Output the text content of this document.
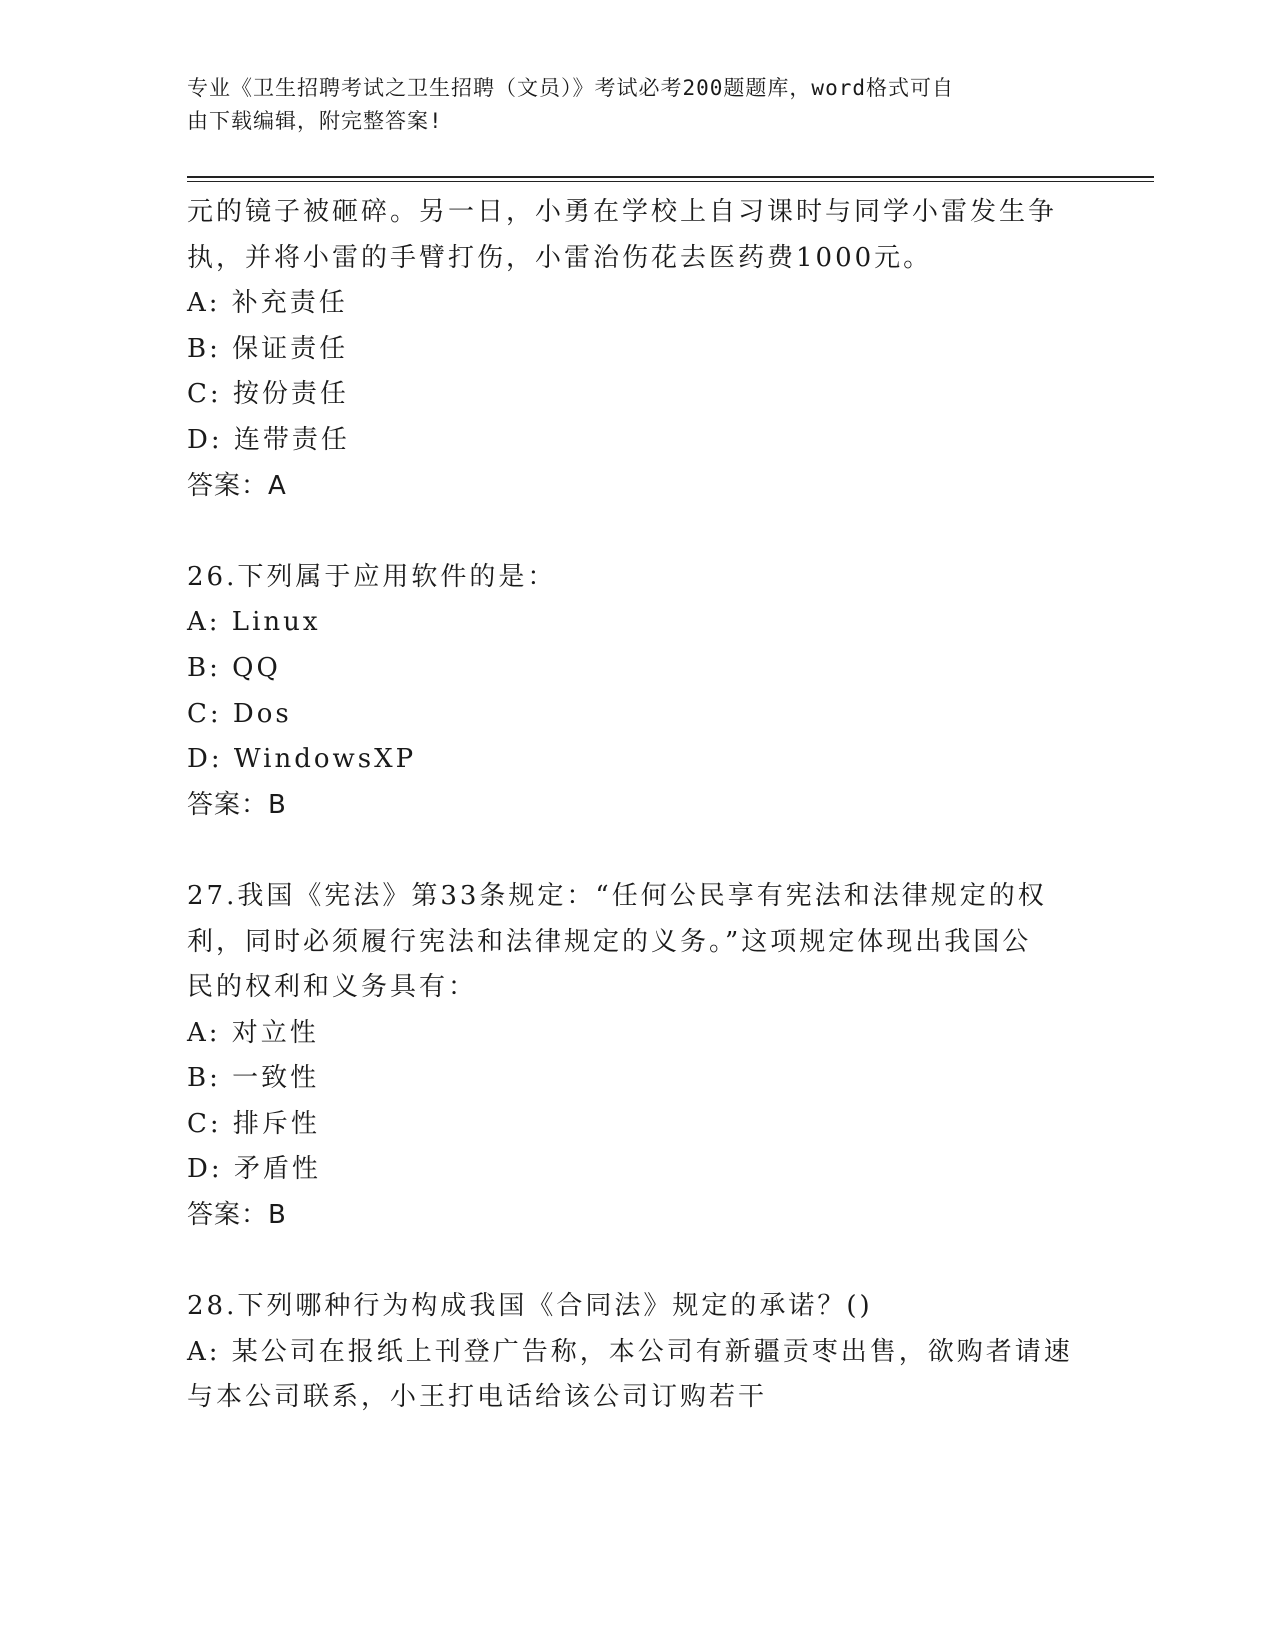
专业《卫生招聘考试之卫生招聘（文员）》考试必考200题题库，word格式可自
由下载编辑，附完整答案!
元的镜子被砸碎。另一日，小勇在学校上自习课时与同学小雷发生争
执，并将小雷的手臂打伤，小雷治伤花去医药费1000元。
A: 补充责任
B: 保证责任
C: 按份责任
D: 连带责任
答案：A
26.下列属于应用软件的是：
A: Linux
B: QQ
C: Dos
D: WindowsXP
答案：B
27.我国《宪法》第33条规定：“任何公民享有宪法和法律规定的权
利，同时必须履行宪法和法律规定的义务。”这项规定体现出我国公
民的权利和义务具有：
A: 对立性
B: 一致性
C: 排斥性
D: 矛盾性
答案：B
28.下列哪种行为构成我国《合同法》规定的承诺？()
A: 某公司在报纸上刊登广告称，本公司有新疆贡枣出售，欲购者请速
与本公司联系，小王打电话给该公司订购若干
